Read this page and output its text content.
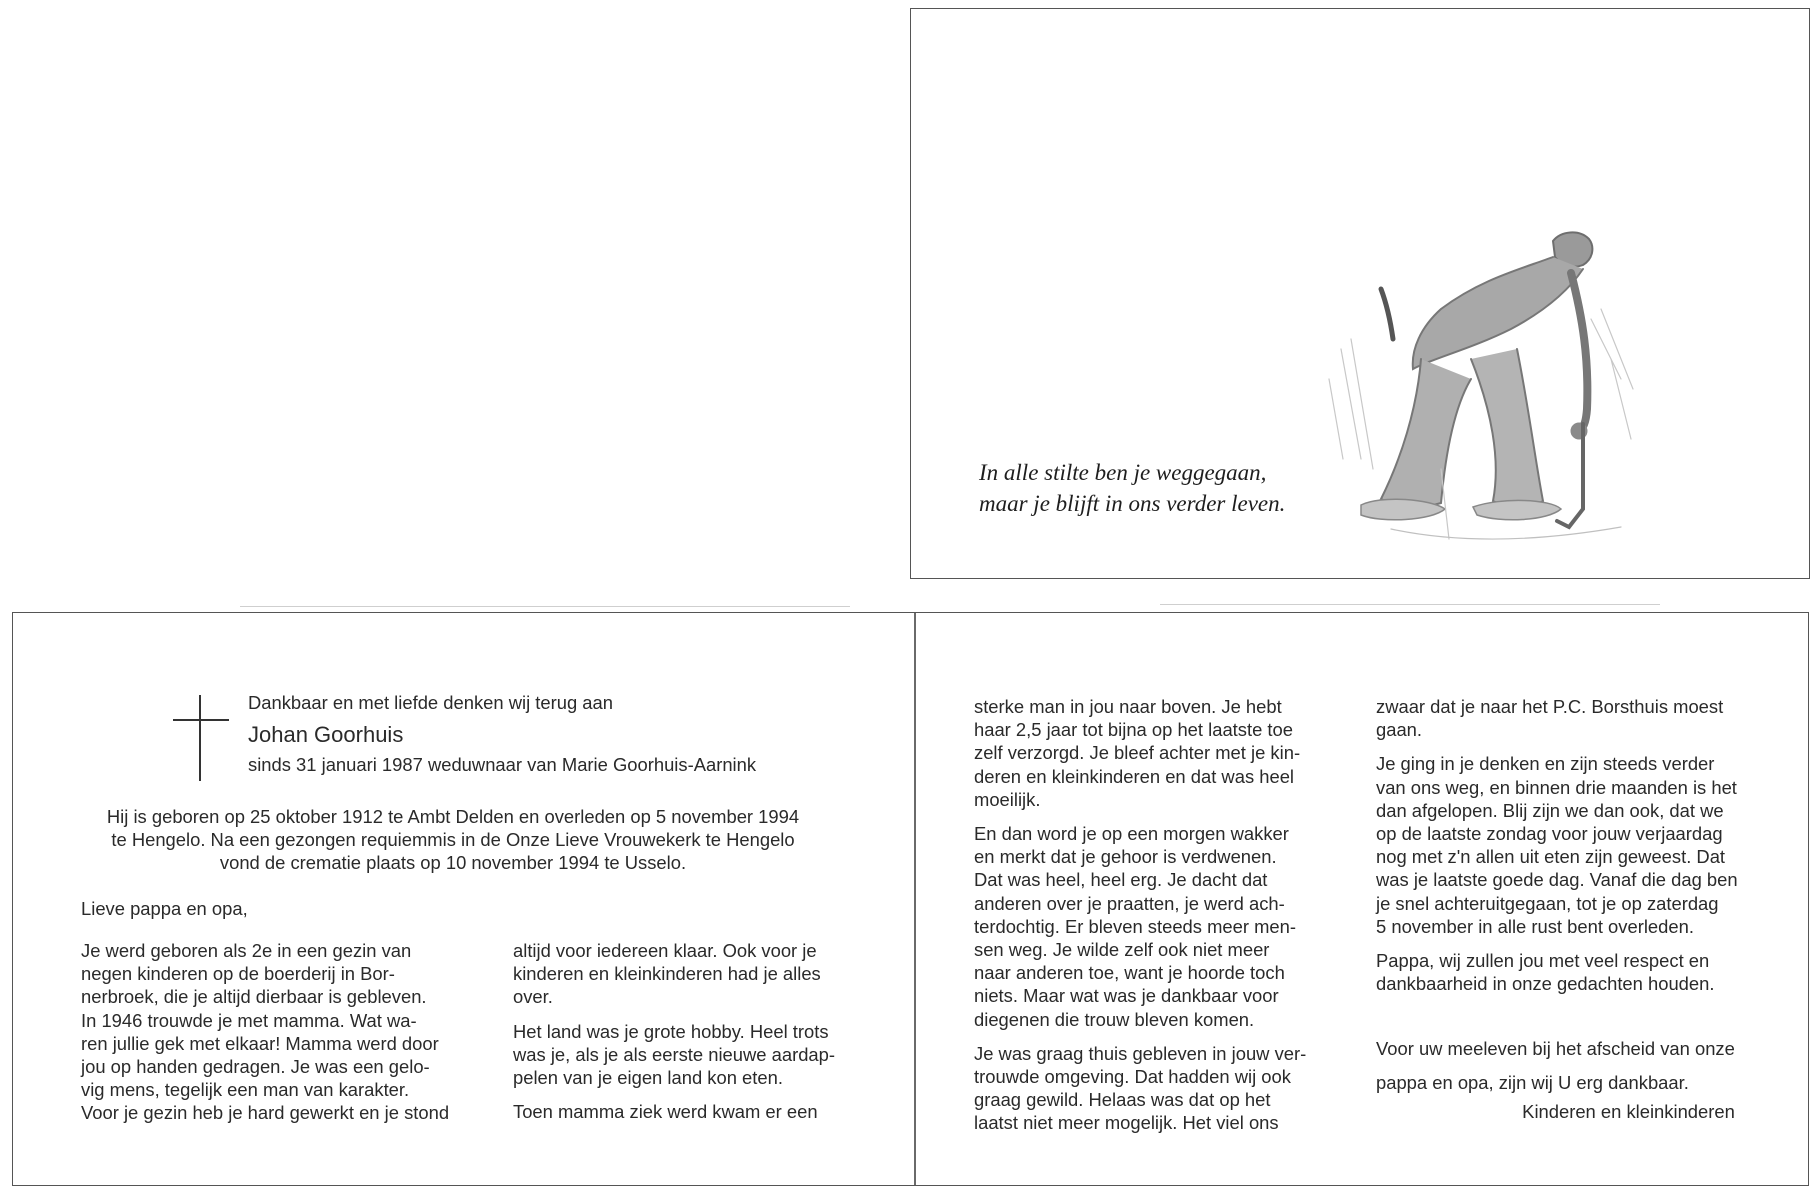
In alle stilte ben je weggegaan,
maar je blijft in ons verder leven.
Dankbaar en met liefde denken wij terug aan
Johan Goorhuis
sinds 31 januari 1987 weduwnaar van Marie Goorhuis-Aarnink
Hij is geboren op 25 oktober 1912 te Ambt Delden en overleden op 5 november 1994
te Hengelo. Na een gezongen requiemmis in de Onze Lieve Vrouwekerk te Hengelo
vond de crematie plaats op 10 november 1994 te Usselo.
Lieve pappa en opa,
Je werd geboren als 2e in een gezin van
negen kinderen op de boerderij in Bor-
nerbroek, die je altijd dierbaar is gebleven.
In 1946 trouwde je met mamma. Wat wa-
ren jullie gek met elkaar! Mamma werd door
jou op handen gedragen. Je was een gelo-
vig mens, tegelijk een man van karakter.
Voor je gezin heb je hard gewerkt en je stond
altijd voor iedereen klaar. Ook voor je
kinderen en kleinkinderen had je alles
over.
Het land was je grote hobby. Heel trots
was je, als je als eerste nieuwe aardap-
pelen van je eigen land kon eten.
Toen mamma ziek werd kwam er een
sterke man in jou naar boven. Je hebt
haar 2,5 jaar tot bijna op het laatste toe
zelf verzorgd. Je bleef achter met je kin-
deren en kleinkinderen en dat was heel
moeilijk.
En dan word je op een morgen wakker
en merkt dat je gehoor is verdwenen.
Dat was heel, heel erg. Je dacht dat
anderen over je praatten, je werd ach-
terdochtig. Er bleven steeds meer men-
sen weg. Je wilde zelf ook niet meer
naar anderen toe, want je hoorde toch
niets. Maar wat was je dankbaar voor
diegenen die trouw bleven komen.
Je was graag thuis gebleven in jouw ver-
trouwde omgeving. Dat hadden wij ook
graag gewild. Helaas was dat op het
laatst niet meer mogelijk. Het viel ons
zwaar dat je naar het P.C. Borsthuis moest
gaan.
Je ging in je denken en zijn steeds verder
van ons weg, en binnen drie maanden is het
dan afgelopen. Blij zijn we dan ook, dat we
op de laatste zondag voor jouw verjaardag
nog met z'n allen uit eten zijn geweest. Dat
was je laatste goede dag. Vanaf die dag ben
je snel achteruitgegaan, tot je op zaterdag
5 november in alle rust bent overleden.
Pappa, wij zullen jou met veel respect en
dankbaarheid in onze gedachten houden.
Voor uw meeleven bij het afscheid van onze
pappa en opa, zijn wij U erg dankbaar.
Kinderen en kleinkinderen
